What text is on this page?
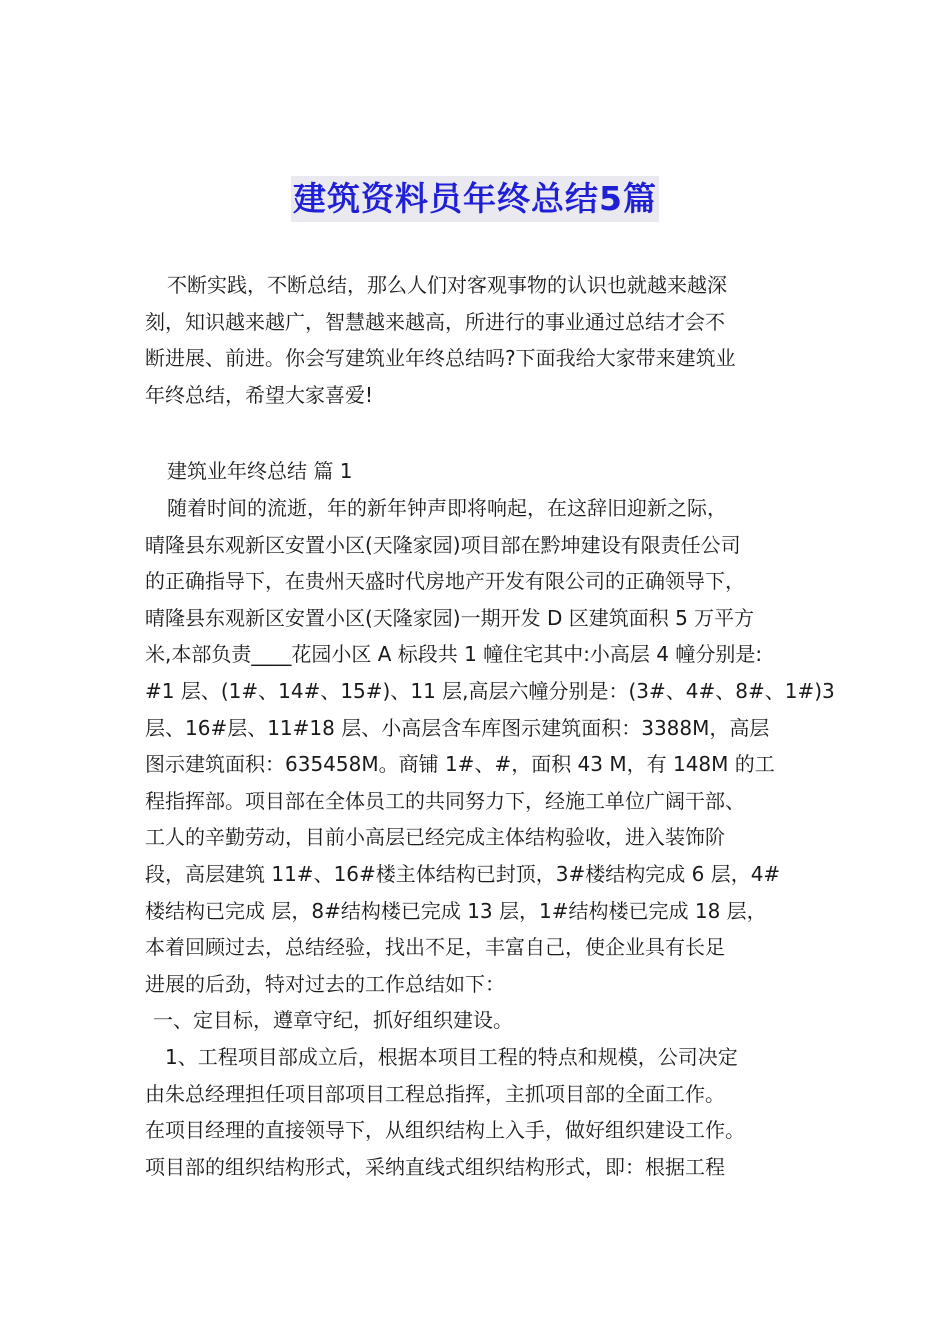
建筑资料员年终总结5篇
不断实践，不断总结，那么人们对客观事物的认识也就越来越深
刻，知识越来越广，智慧越来越高，所进行的事业通过总结才会不
断进展、前进。你会写建筑业年终总结吗?下面我给大家带来建筑业
年终总结，希望大家喜爱!
建筑业年终总结 篇 1
随着时间的流逝，年的新年钟声即将响起，在这辞旧迎新之际，
晴隆县东观新区安置小区(天隆家园)项目部在黔坤建设有限责任公司
的正确指导下，在贵州天盛时代房地产开发有限公司的正确领导下，
晴隆县东观新区安置小区(天隆家园)一期开发 D 区建筑面积 5 万平方
米,本部负责____花园小区 A 标段共 1 幢住宅其中:小高层 4 幢分别是:
#1 层、(1#、14#、15#)、11 层,高层六幢分别是：(3#、4#、8#、1#)3
层、16#层、11#18 层、小高层含车库图示建筑面积：3388M，高层
图示建筑面积：635458M。商铺 1#、#，面积 43 M，有 148M 的工
程指挥部。项目部在全体员工的共同努力下，经施工单位广阔干部、
工人的辛勤劳动，目前小高层已经完成主体结构验收，进入装饰阶
段，高层建筑 11#、16#楼主体结构已封顶，3#楼结构完成 6 层，4#
楼结构已完成 层，8#结构楼已完成 13 层，1#结构楼已完成 18 层，
本着回顾过去，总结经验，找出不足，丰富自己，使企业具有长足
进展的后劲，特对过去的工作总结如下：
一、定目标，遵章守纪，抓好组织建设。
1、工程项目部成立后，根据本项目工程的特点和规模，公司决定
由朱总经理担任项目部项目工程总指挥，主抓项目部的全面工作。
在项目经理的直接领导下，从组织结构上入手，做好组织建设工作。
项目部的组织结构形式，采纳直线式组织结构形式，即：根据工程
